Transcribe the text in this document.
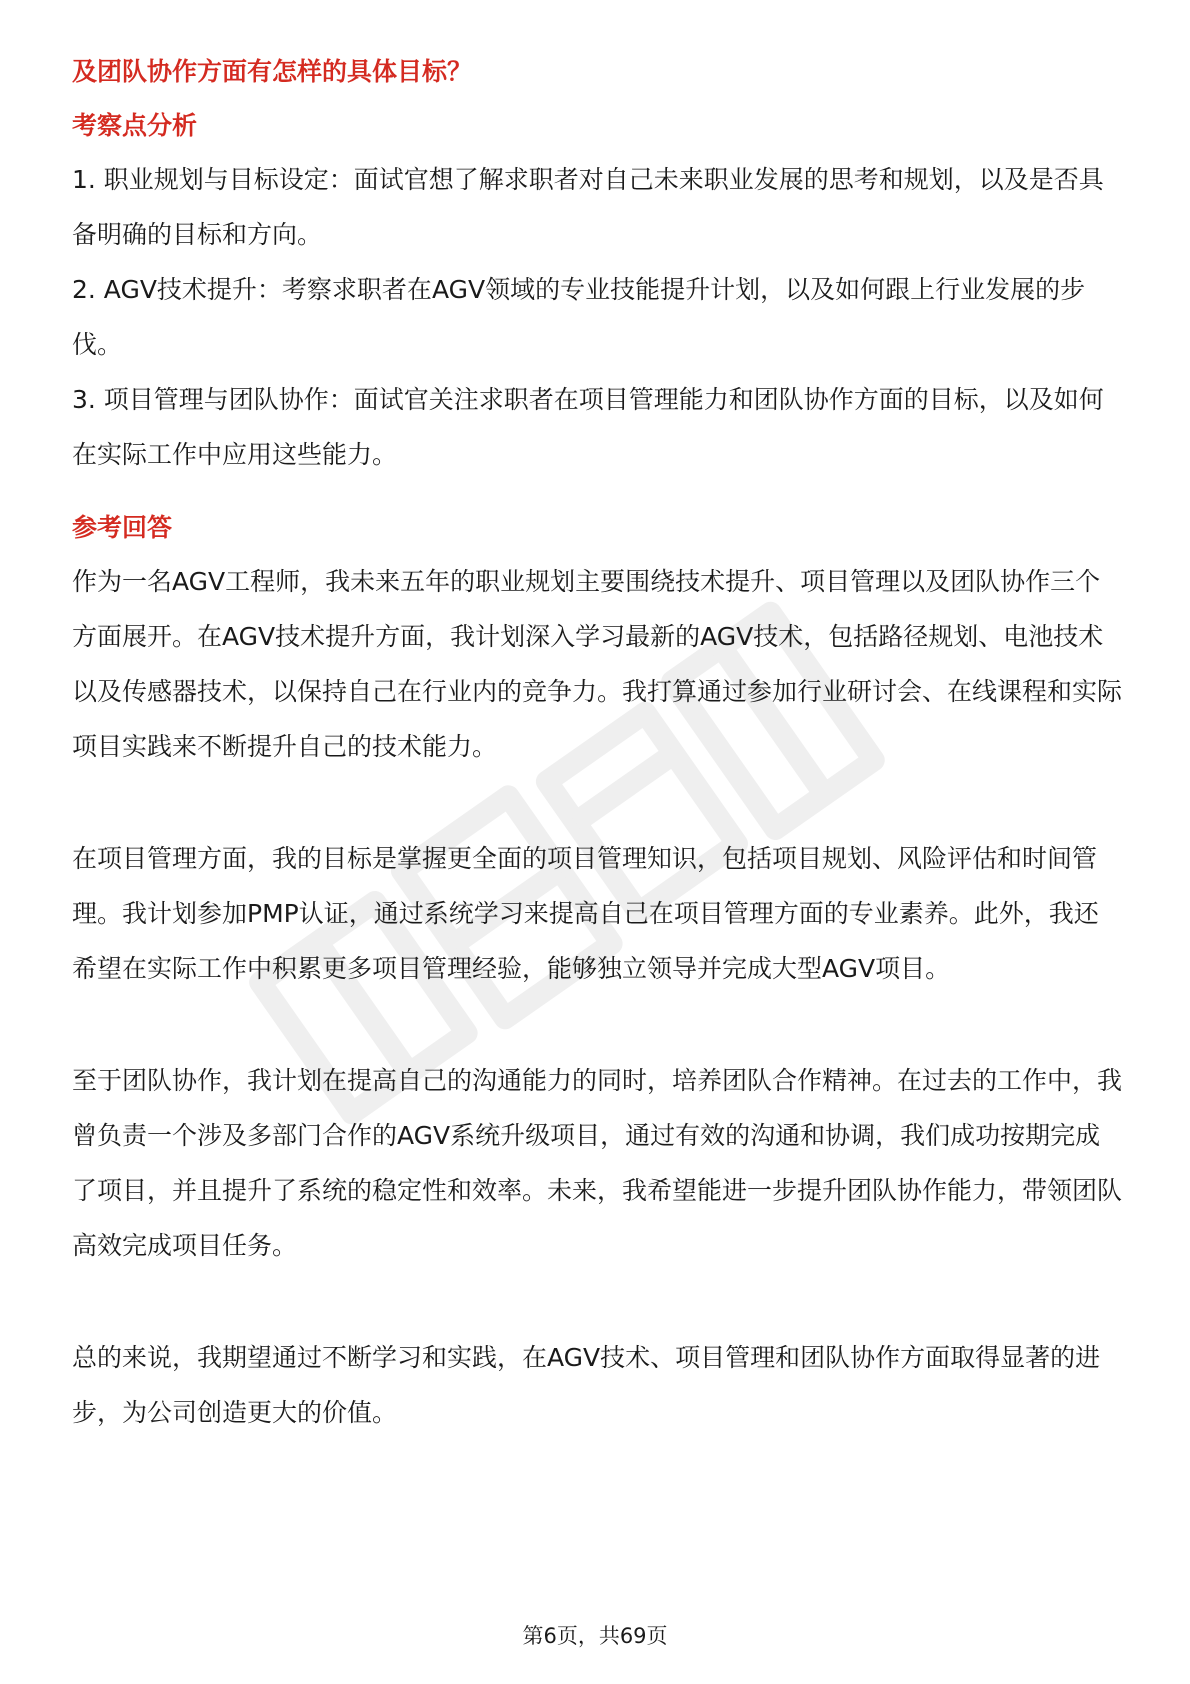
及团队协作方面有怎样的具体目标？

考察点分析

1. 职业规划与目标设定：面试官想了解求职者对自己未来职业发展的思考和规划，以及是否具备明确的目标和方向。

2. AGV技术提升：考察求职者在AGV领域的专业技能提升计划，以及如何跟上行业发展的步伐。

3. 项目管理与团队协作：面试官关注求职者在项目管理能力和团队协作方面的目标，以及如何在实际工作中应用这些能力。

参考回答

作为一名AGV工程师，我未来五年的职业规划主要围绕技术提升、项目管理以及团队协作三个方面展开。在AGV技术提升方面，我计划深入学习最新的AGV技术，包括路径规划、电池技术以及传感器技术，以保持自己在行业内的竞争力。我打算通过参加行业研讨会、在线课程和实际项目实践来不断提升自己的技术能力。

在项目管理方面，我的目标是掌握更全面的项目管理知识，包括项目规划、风险评估和时间管理。我计划参加PMP认证，通过系统学习来提高自己在项目管理方面的专业素养。此外，我还希望在实际工作中积累更多项目管理经验，能够独立领导并完成大型AGV项目。

至于团队协作，我计划在提高自己的沟通能力的同时，培养团队合作精神。在过去的工作中，我曾负责一个涉及多部门合作的AGV系统升级项目，通过有效的沟通和协调，我们成功按期完成了项目，并且提升了系统的稳定性和效率。未来，我希望能进一步提升团队协作能力，带领团队高效完成项目任务。

总的来说，我期望通过不断学习和实践，在AGV技术、项目管理和团队协作方面取得显著的进步，为公司创造更大的价值。

第6页，共69页
